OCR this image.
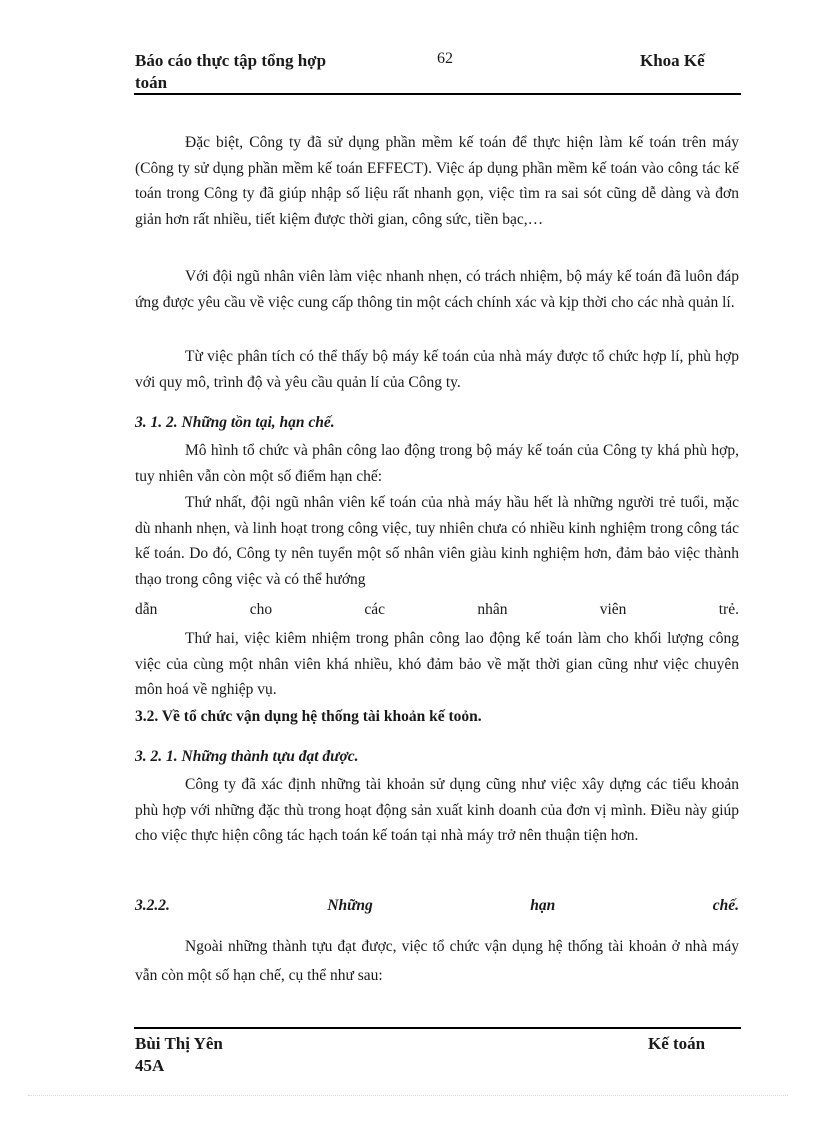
Báo cáo thực tập tổng hợp
toán
62	Khoa Kế
Đặc biệt, Công ty đã sử dụng phần mềm kế toán để thực hiện làm kế toán trên máy (Công ty sử dụng phần mềm kế toán EFFECT). Việc áp dụng phần mềm kế toán vào công tác kế toán trong Công ty đã giúp nhập số liệu rất nhanh gọn, việc tìm ra sai sót cũng dễ dàng và đơn giản hơn rất nhiều, tiết kiệm được thời gian, công sức, tiền bạc,…
Với đội ngũ nhân viên làm việc nhanh nhẹn, có trách nhiệm, bộ máy kế toán đã luôn đáp ứng được yêu cầu về việc cung cấp thông tin một cách chính xác và kịp thời cho các nhà quản lí.
Từ việc phân tích có thể thấy bộ máy kế toán của nhà máy được tổ chức hợp lí, phù hợp với quy mô, trình độ và yêu cầu quản lí của Công ty.
3. 1. 2. Những tồn tại, hạn chế.
Mô hình tổ chức và phân công lao động trong bộ máy kế toán của Công ty khá phù hợp, tuy nhiên vẫn còn một số điểm hạn chế:
Thứ nhất, đội ngũ nhân viên kế toán của nhà máy hầu hết là những người trẻ tuổi, mặc dù nhanh nhẹn, và linh hoạt trong công việc, tuy nhiên chưa có nhiều kinh nghiệm trong công tác kế toán. Do đó, Công ty nên tuyển một số nhân viên giàu kinh nghiệm hơn, đảm bảo việc thành thạo trong công việc và có thể hướng
dẫn	cho	các	nhân	viên	trẻ.
Thứ hai, việc kiêm nhiệm trong phân công lao động kế toán làm cho khối lượng công việc của cùng một nhân viên khá nhiều, khó đảm bảo về mặt thời gian cũng như việc chuyên môn hoá về nghiệp vụ.
3.2. Về tổ chức vận dụng hệ thống tài khoản kế toỏn.
3. 2. 1. Những thành tựu đạt được.
Công ty đã xác định những tài khoản sử dụng cũng như việc xây dựng các tiểu khoản phù hợp với những đặc thù trong hoạt động sản xuất kinh doanh của đơn vị mình. Điều này giúp cho việc thực hiện công tác hạch toán kế toán tại nhà máy trở nên thuận tiện hơn.
3.2.2.	Những	hạn	chế.
Ngoài những thành tựu đạt được, việc tổ chức vận dụng hệ thống tài khoản ở nhà máy vẫn còn một số hạn chế, cụ thể như sau:
Bùi Thị Yên
45A
Kế toán
